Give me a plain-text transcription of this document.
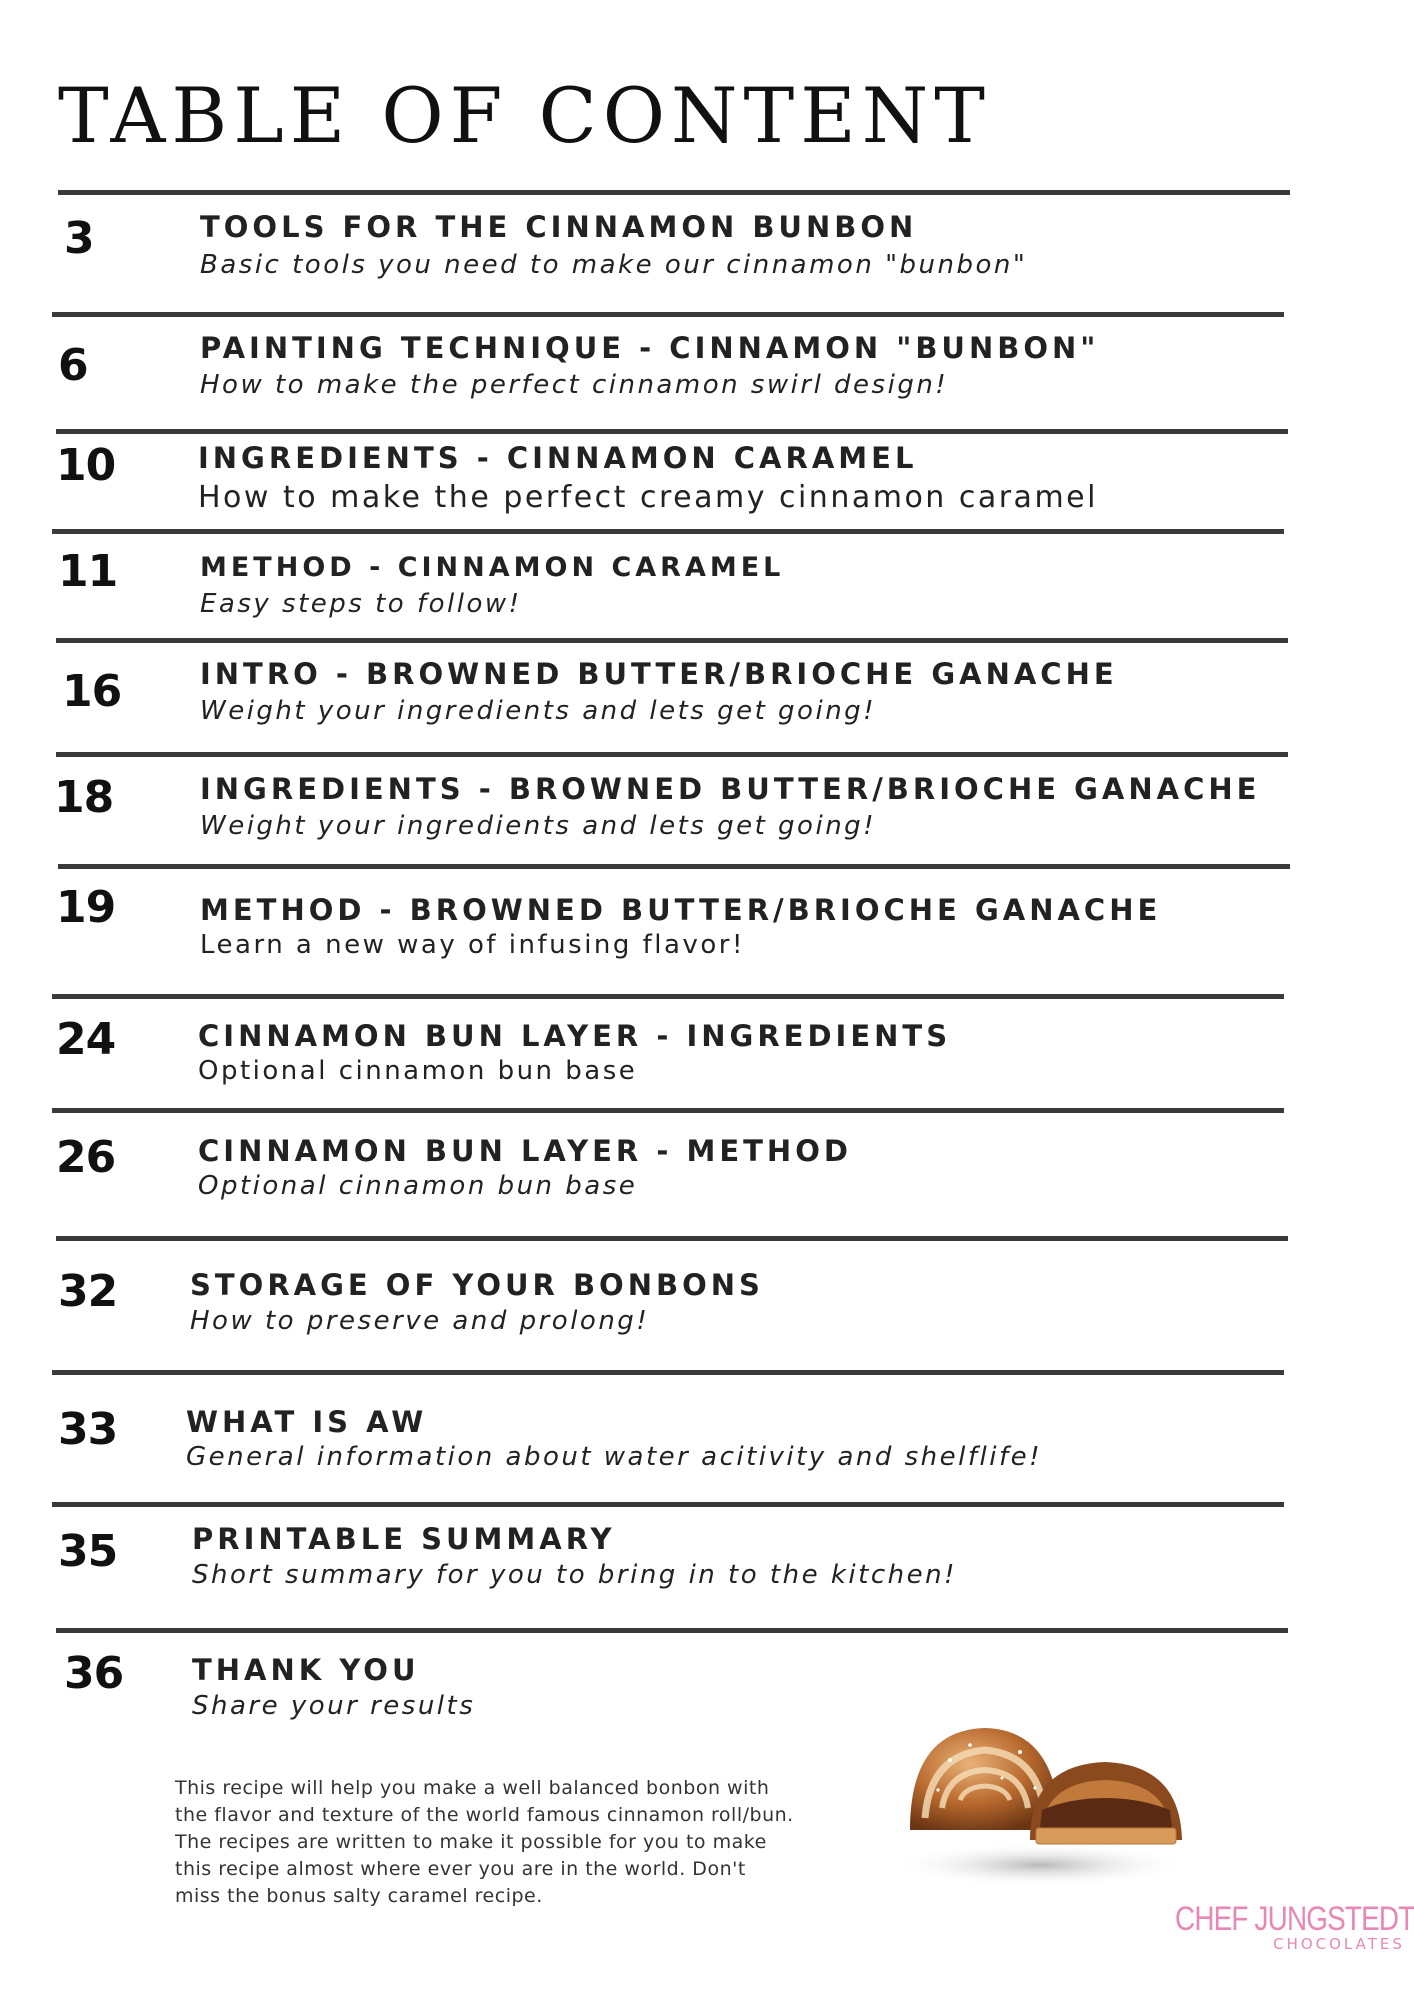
TABLE OF CONTENT
3	TOOLS FOR THE CINNAMON BUNBON
Basic tools you need to make our cinnamon "bunbon"
6	PAINTING TECHNIQUE - CINNAMON "BUNBON"
How to make the perfect cinnamon swirl design!
10	INGREDIENTS - CINNAMON CARAMEL
How to make the perfect creamy cinnamon caramel
11	METHOD - CINNAMON CARAMEL
Easy steps to follow!
16	INTRO - BROWNED BUTTER/BRIOCHE GANACHE
Weight your ingredients and lets get going!
18	INGREDIENTS - BROWNED BUTTER/BRIOCHE GANACHE
Weight your ingredients and lets get going!
19	METHOD - BROWNED BUTTER/BRIOCHE GANACHE
Learn a new way of infusing flavor!
24	CINNAMON BUN LAYER - INGREDIENTS
Optional cinnamon bun base
26	CINNAMON BUN LAYER - METHOD
Optional cinnamon bun base
32	STORAGE OF YOUR BONBONS
How to preserve and prolong!
33 WHAT IS AW
General information about water acitivity and shelflife!
35	PRINTABLE SUMMARY
Short summary for you to bring in to the kitchen!
36 THANK YOU
Share your results

This recipe will help you make a well balanced bonbon with the flavor and texture of the world famous cinnamon roll/bun. The recipes are written to make it possible for you to make this recipe almost where ever you are in the world. Don't miss the bonus salty caramel recipe.

CHEF JUNGSTEDT
CHOCOLATES
